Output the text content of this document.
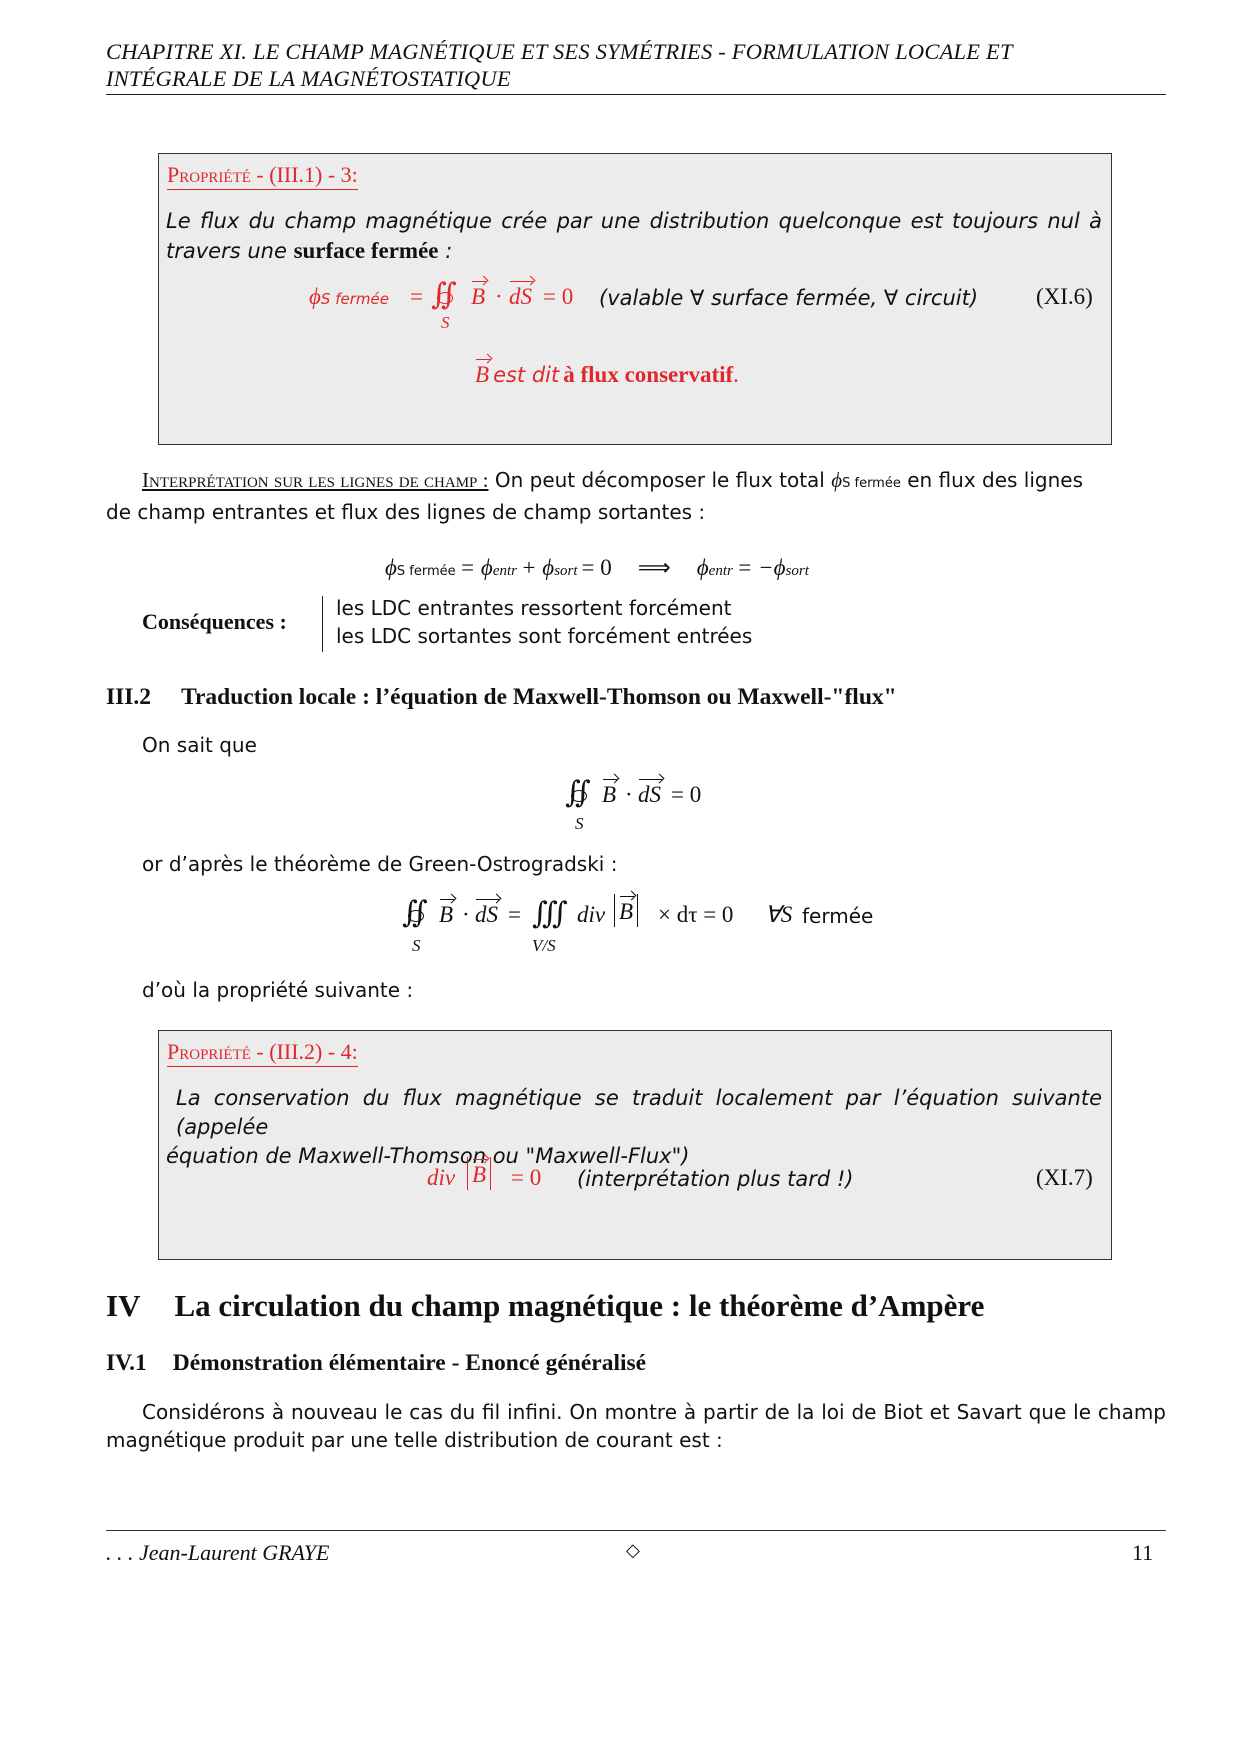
CHAPITRE XI. LE CHAMP MAGNÉTIQUE ET SES SYMÉTRIES - FORMULATION LOCALE ET
INTÉGRALE DE LA MAGNÉTOSTATIQUE
Propriété - (III.1) - 3:
Le flux du champ magnétique crée par une distribution quelconque est toujours nul à travers une surface fermée :
ϕS fermée = ∬
S
B · dS = 0 (valable ∀ surface fermée, ∀ circuit)	(XI.6)
B est dit à flux conservatif.
Interprétation sur les lignes de champ : On peut décomposer le flux total ϕS fermée en flux des lignes
de champ entrantes et flux des lignes de champ sortantes :
ϕS fermée = ϕentr + ϕsort = 0 ⟹ ϕentr = −ϕsort
Conséquences :
les LDC entrantes ressortent forcément
les LDC sortantes sont forcément entrées
III.2 Traduction locale : l’équation de Maxwell-Thomson ou Maxwell-"flux"
On sait que
∬
S
B · dS = 0
or d’après le théorème de Green-Ostrogradski :
∬
S
B · dS = ∭
V/S
div B × dτ = 0 ∀S fermée
d’où la propriété suivante :
Propriété - (III.2) - 4:
La conservation du flux magnétique se traduit localement par l’équation suivante (appelée
équation de Maxwell-Thomson ou "Maxwell-Flux")
div B = 0 (interprétation plus tard !)	(XI.7)
IV La circulation du champ magnétique : le théorème d’Ampère
IV.1 Démonstration élémentaire - Enoncé généralisé
Considérons à nouveau le cas du fil infini. On montre à partir de la loi de Biot et Savart que le champ
magnétique produit par une telle distribution de courant est :
. . . Jean-Laurent GRAYE	◇	11
